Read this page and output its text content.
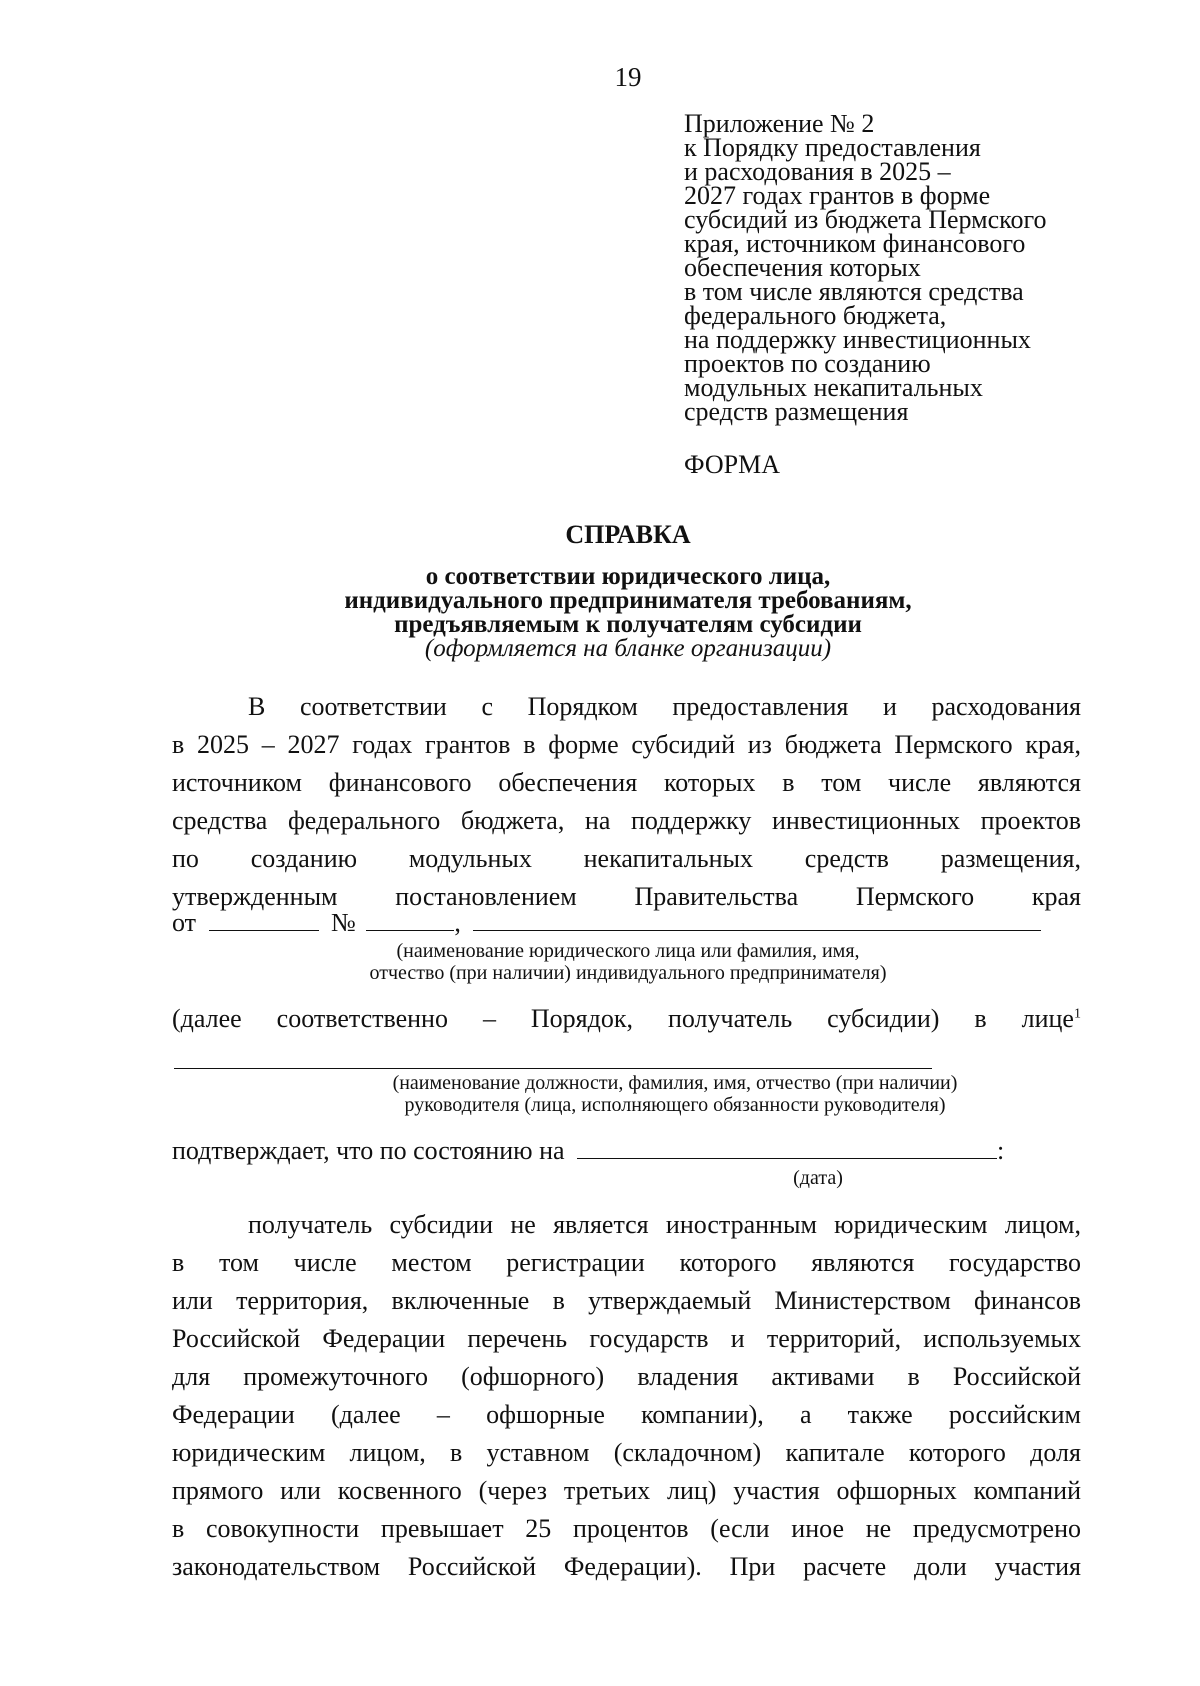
19
Приложение № 2
к Порядку предоставления
и расходования в 2025 –
2027 годах грантов в форме
субсидий из бюджета Пермского
края, источником финансового
обеспечения которых
в том числе являются средства
федерального бюджета,
на поддержку инвестиционных
проектов по созданию
модульных некапитальных
средств размещения
ФОРМА
СПРАВКА
о соответствии юридического лица,
индивидуального предпринимателя требованиям,
предъявляемым к получателям субсидии
(оформляется на бланке организации)
В соответствии с Порядком предоставления и расходования
в 2025 – 2027 годах грантов в форме субсидий из бюджета Пермского края,
источником финансового обеспечения которых в том числе являются
средства федерального бюджета, на поддержку инвестиционных проектов
по созданию модульных некапитальных средств размещения,
утвержденным постановлением Правительства Пермского края
от	№	,
(наименование юридического лица или фамилия, имя,
отчество (при наличии) индивидуального предпринимателя)
(далее соответственно – Порядок, получатель субсидии) в лице$^1$
(наименование должности, фамилия, имя, отчество (при наличии)
руководителя (лица, исполняющего обязанности руководителя)
подтверждает, что по состоянию на	:
(дата)
получатель субсидии не является иностранным юридическим лицом,
в том числе местом регистрации которого являются государство
или территория, включенные в утверждаемый Министерством финансов
Российской Федерации перечень государств и территорий, используемых
для промежуточного (офшорного) владения активами в Российской
Федерации (далее – офшорные компании), а также российским
юридическим лицом, в уставном (складочном) капитале которого доля
прямого или косвенного (через третьих лиц) участия офшорных компаний
в совокупности превышает 25 процентов (если иное не предусмотрено
законодательством Российской Федерации). При расчете доли участия
